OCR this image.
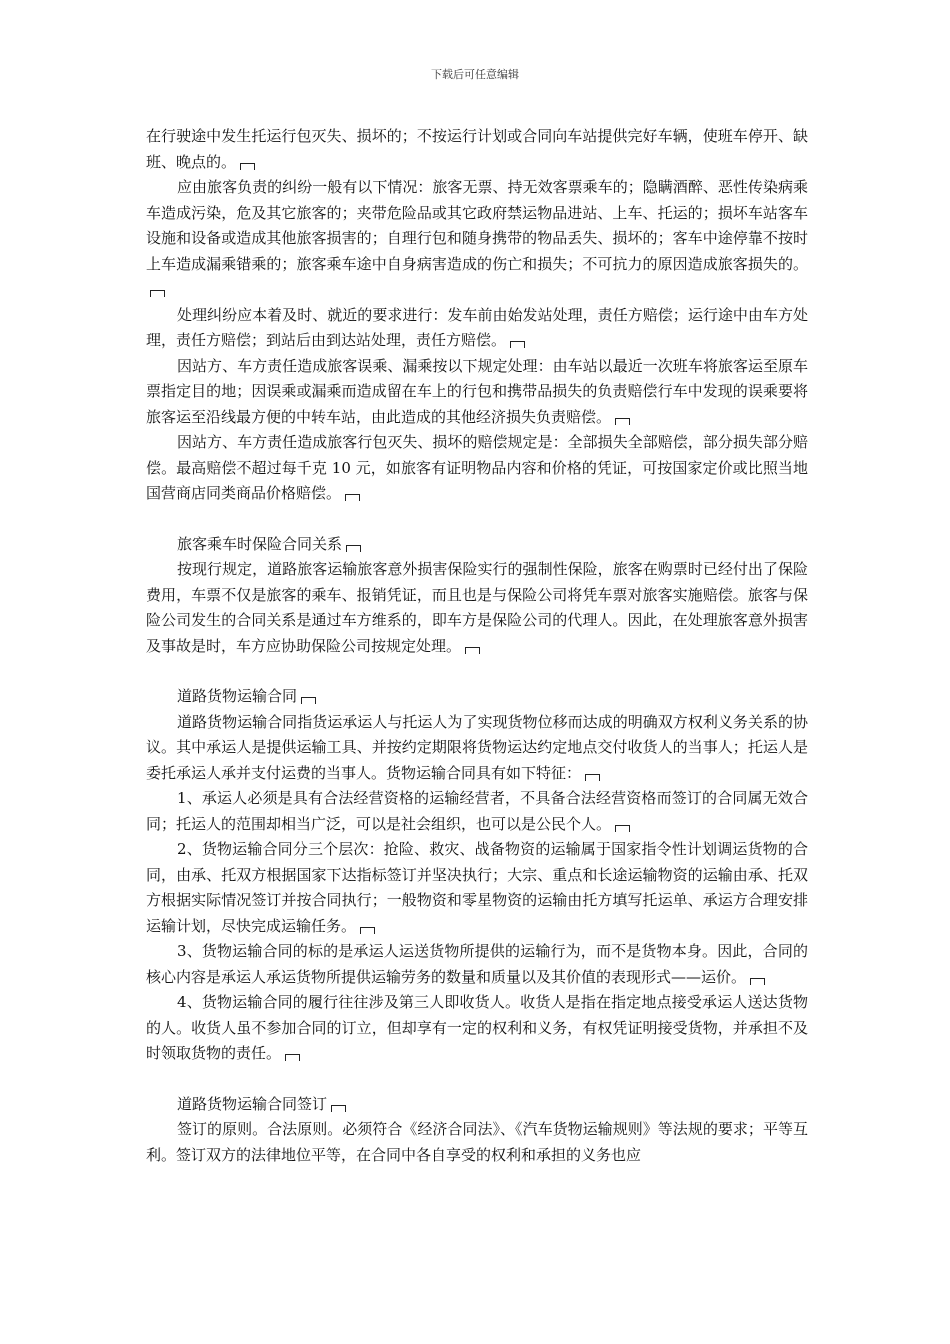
下载后可任意编辑

在行驶途中发生托运行包灭失、损坏的；不按运行计划或合同向车站提供完好车辆，使班车停开、缺班、晚点的。

应由旅客负责的纠纷一般有以下情况：旅客无票、持无效客票乘车的；隐瞒酒醉、恶性传染病乘车造成污染，危及其它旅客的；夹带危险品或其它政府禁运物品进站、上车、托运的；损坏车站客车设施和设备或造成其他旅客损害的；自理行包和随身携带的物品丢失、损坏的；客车中途停靠不按时上车造成漏乘错乘的；旅客乘车途中自身病害造成的伤亡和损失；不可抗力的原因造成旅客损失的。

处理纠纷应本着及时、就近的要求进行：发车前由始发站处理，责任方赔偿；运行途中由车方处理，责任方赔偿；到站后由到达站处理，责任方赔偿。

因站方、车方责任造成旅客误乘、漏乘按以下规定处理：由车站以最近一次班车将旅客运至原车票指定目的地；因误乘或漏乘而造成留在车上的行包和携带品损失的负责赔偿行车中发现的误乘要将旅客运至沿线最方便的中转车站，由此造成的其他经济损失负责赔偿。

因站方、车方责任造成旅客行包灭失、损坏的赔偿规定是：全部损失全部赔偿，部分损失部分赔偿。最高赔偿不超过每千克 10 元，如旅客有证明物品内容和价格的凭证，可按国家定价或比照当地国营商店同类商品价格赔偿。

旅客乘车时保险合同关系

按现行规定，道路旅客运输旅客意外损害保险实行的强制性保险，旅客在购票时已经付出了保险费用，车票不仅是旅客的乘车、报销凭证，而且也是与保险公司将凭车票对旅客实施赔偿。旅客与保险公司发生的合同关系是通过车方维系的，即车方是保险公司的代理人。因此，在处理旅客意外损害及事故是时，车方应协助保险公司按规定处理。

道路货物运输合同

道路货物运输合同指货运承运人与托运人为了实现货物位移而达成的明确双方权利义务关系的协议。其中承运人是提供运输工具、并按约定期限将货物运达约定地点交付收货人的当事人；托运人是委托承运人承并支付运费的当事人。货物运输合同具有如下特征：

1、承运人必须是具有合法经营资格的运输经营者，不具备合法经营资格而签订的合同属无效合同；托运人的范围却相当广泛，可以是社会组织，也可以是公民个人。

2、货物运输合同分三个层次：抢险、救灾、战备物资的运输属于国家指令性计划调运货物的合同，由承、托双方根据国家下达指标签订并坚决执行；大宗、重点和长途运输物资的运输由承、托双方根据实际情况签订并按合同执行；一般物资和零星物资的运输由托方填写托运单、承运方合理安排运输计划，尽快完成运输任务。

3、货物运输合同的标的是承运人运送货物所提供的运输行为，而不是货物本身。因此，合同的核心内容是承运人承运货物所提供运输劳务的数量和质量以及其价值的表现形式——运价。

4、货物运输合同的履行往往涉及第三人即收货人。收货人是指在指定地点接受承运人送达货物的人。收货人虽不参加合同的订立，但却享有一定的权利和义务，有权凭证明接受货物，并承担不及时领取货物的责任。

道路货物运输合同签订

签订的原则。合法原则。必须符合《经济合同法》、《汽车货物运输规则》等法规的要求；平等互利。签订双方的法律地位平等，在合同中各自享受的权利和承担的义务也应
